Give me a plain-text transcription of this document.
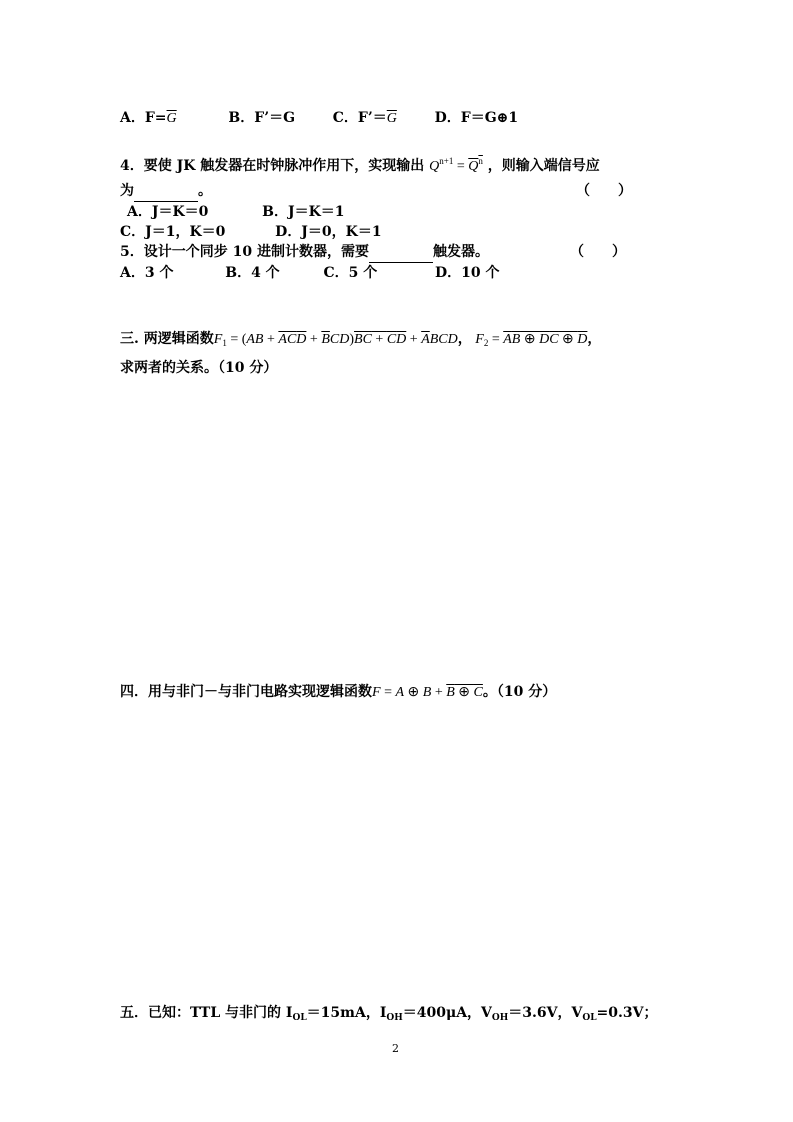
A．$F=\overline{G}$	B．F’＝G	C．$F’=\overline{G}$	D．F＝G⊕1
4．要使 JK 触发器在时钟脉冲作用下，实现输出 $Q^{n+1} = Q^n$ ，则输入端信号应
为	。	（　　）
A．J＝K＝0	B．J＝K＝1
C．J＝1，K＝0	D．J＝0，K＝1
5．设计一个同步 10 进制计数器，需要	触发器。	（　　）
A．3 个	B．4 个	C．5 个	D．10 个
三. 两逻辑函数$F_1 = (AB + \overline{A}\overline{C}\overline{D} + \overline{B}CD)BC$ + CD + $\overline{A}BCD$， $F_2$ = AB ⊕ DC ⊕ D，
求两者的关系。（10 分）
四．用与非门－与非门电路实现逻辑函数F = A ⊕ B + B ⊕ C。（10 分）
五．已知：TTL 与非门的 $I_{OL}=15mA$，$I_{OH}=400\mu A$，$V_{OH}=3.6V$，$V_{OL}=0.3V$；
2
